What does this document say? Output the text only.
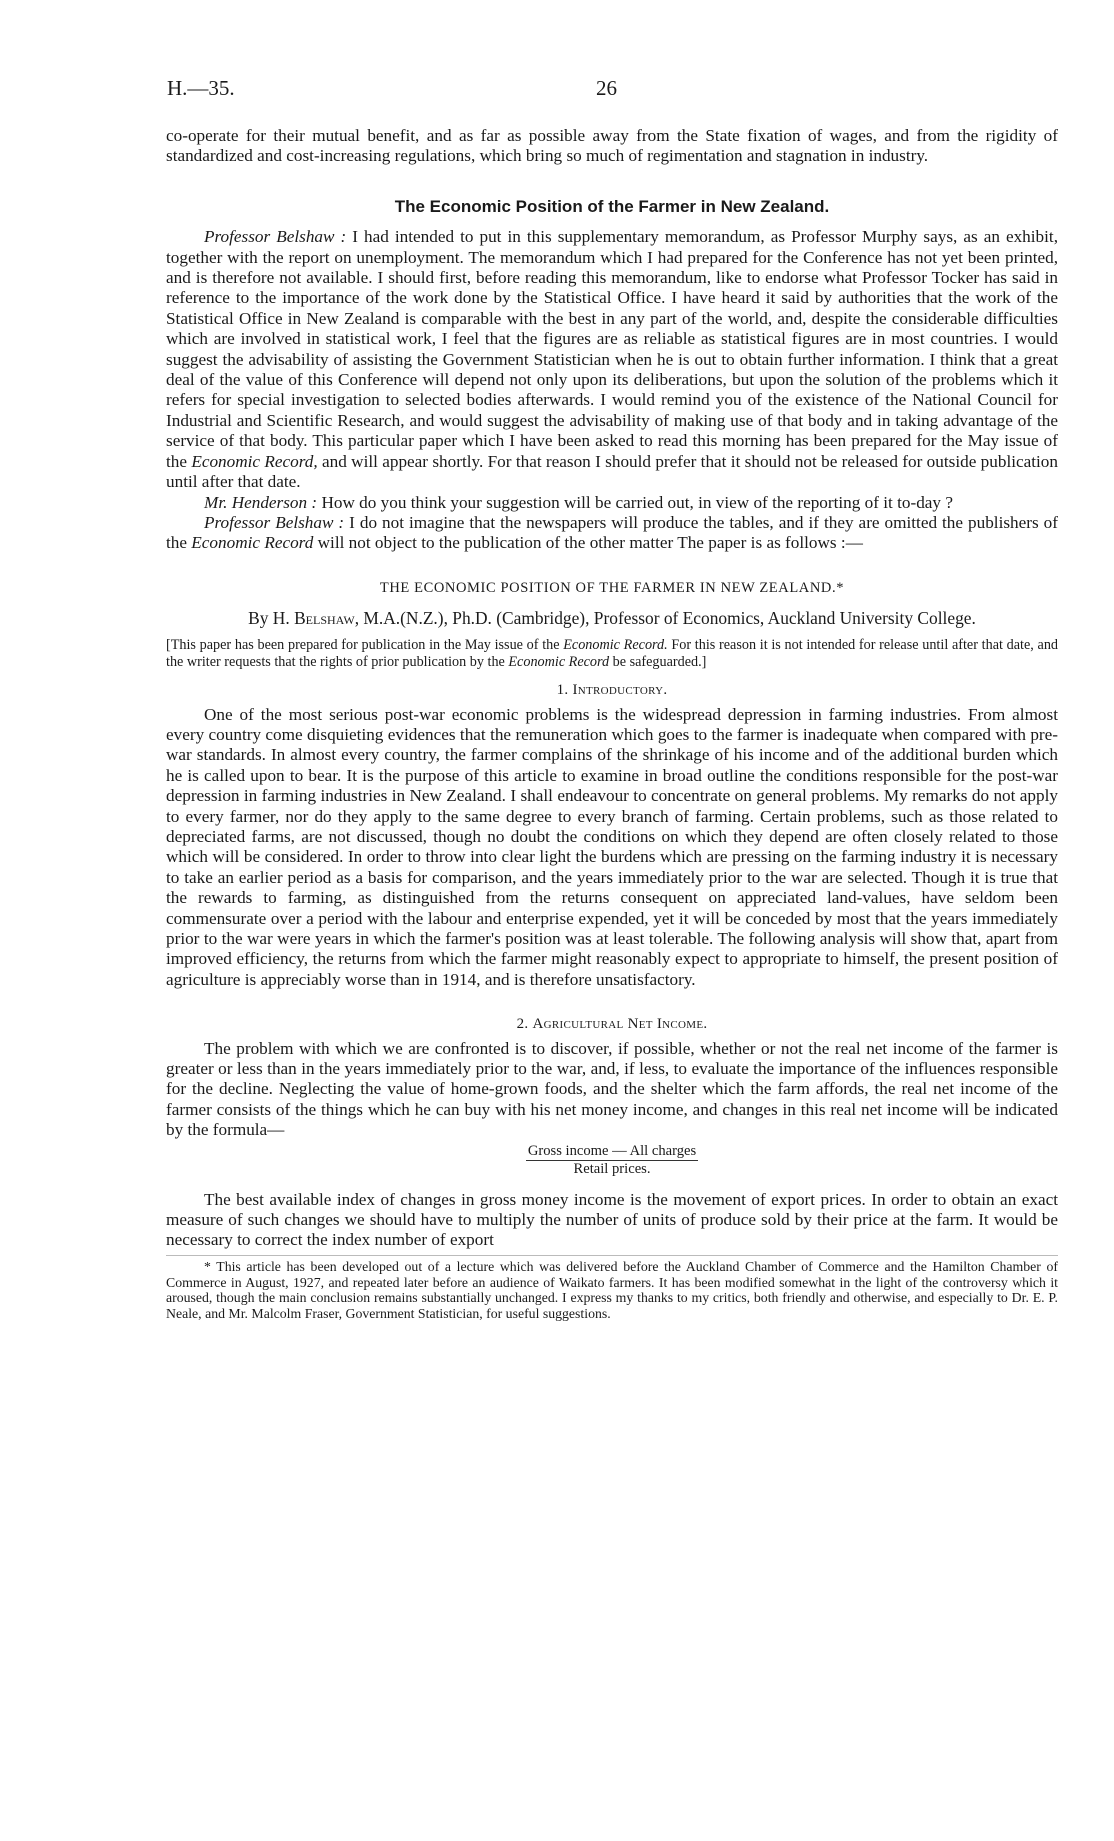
H.—35.	26

co-operate for their mutual benefit, and as far as possible away from the State fixation of wages, and from the rigidity of standardized and cost-increasing regulations, which bring so much of regimentation and stagnation in industry.

The Economic Position of the Farmer in New Zealand.

Professor Belshaw : I had intended to put in this supplementary memorandum, as Professor Murphy says, as an exhibit, together with the report on unemployment. The memorandum which I had prepared for the Conference has not yet been printed, and is therefore not available. I should first, before reading this memorandum, like to endorse what Professor Tocker has said in reference to the importance of the work done by the Statistical Office. I have heard it said by authorities that the work of the Statistical Office in New Zealand is comparable with the best in any part of the world, and, despite the considerable difficulties which are involved in statistical work, I feel that the figures are as reliable as statistical figures are in most countries. I would suggest the advisability of assisting the Government Statistician when he is out to obtain further information. I think that a great deal of the value of this Conference will depend not only upon its deliberations, but upon the solution of the problems which it refers for special investigation to selected bodies afterwards. I would remind you of the existence of the National Council for Industrial and Scientific Research, and would suggest the advisability of making use of that body and in taking advantage of the service of that body. This particular paper which I have been asked to read this morning has been prepared for the May issue of the Economic Record, and will appear shortly. For that reason I should prefer that it should not be released for outside publication until after that date.

Mr. Henderson : How do you think your suggestion will be carried out, in view of the reporting of it to-day ?

Professor Belshaw : I do not imagine that the newspapers will produce the tables, and if they are omitted the publishers of the Economic Record will not object to the publication of the other matter The paper is as follows :—

THE ECONOMIC POSITION OF THE FARMER IN NEW ZEALAND.*
By H. Belshaw, M.A.(N.Z.), Ph.D. (Cambridge), Professor of Economics, Auckland University College.

[This paper has been prepared for publication in the May issue of the Economic Record. For this reason it is not intended for release until after that date, and the writer requests that the rights of prior publication by the Economic Record be safeguarded.]

1. Introductory.

One of the most serious post-war economic problems is the widespread depression in farming industries. From almost every country come disquieting evidences that the remuneration which goes to the farmer is inadequate when compared with pre-war standards. In almost every country, the farmer complains of the shrinkage of his income and of the additional burden which he is called upon to bear. It is the purpose of this article to examine in broad outline the conditions responsible for the post-war depression in farming industries in New Zealand. I shall endeavour to concentrate on general problems. My remarks do not apply to every farmer, nor do they apply to the same degree to every branch of farming. Certain problems, such as those related to depreciated farms, are not discussed, though no doubt the conditions on which they depend are often closely related to those which will be considered. In order to throw into clear light the burdens which are pressing on the farming industry it is necessary to take an earlier period as a basis for comparison, and the years immediately prior to the war are selected. Though it is true that the rewards to farming, as distinguished from the returns consequent on appreciated land-values, have seldom been commensurate over a period with the labour and enterprise expended, yet it will be conceded by most that the years immediately prior to the war were years in which the farmer's position was at least tolerable. The following analysis will show that, apart from improved efficiency, the returns from which the farmer might reasonably expect to appropriate to himself, the present position of agriculture is appreciably worse than in 1914, and is therefore unsatisfactory.

2. Agricultural Net Income.

The problem with which we are confronted is to discover, if possible, whether or not the real net income of the farmer is greater or less than in the years immediately prior to the war, and, if less, to evaluate the importance of the influences responsible for the decline. Neglecting the value of home-grown foods, and the shelter which the farm affords, the real net income of the farmer consists of the things which he can buy with his net money income, and changes in this real net income will be indicated by the formula—

Gross income — All charges
Retail prices.

The best available index of changes in gross money income is the movement of export prices. In order to obtain an exact measure of such changes we should have to multiply the number of units of produce sold by their price at the farm. It would be necessary to correct the index number of export

* This article has been developed out of a lecture which was delivered before the Auckland Chamber of Commerce and the Hamilton Chamber of Commerce in August, 1927, and repeated later before an audience of Waikato farmers. It has been modified somewhat in the light of the controversy which it aroused, though the main conclusion remains substantially unchanged. I express my thanks to my critics, both friendly and otherwise, and especially to Dr. E. P. Neale, and Mr. Malcolm Fraser, Government Statistician, for useful suggestions.
